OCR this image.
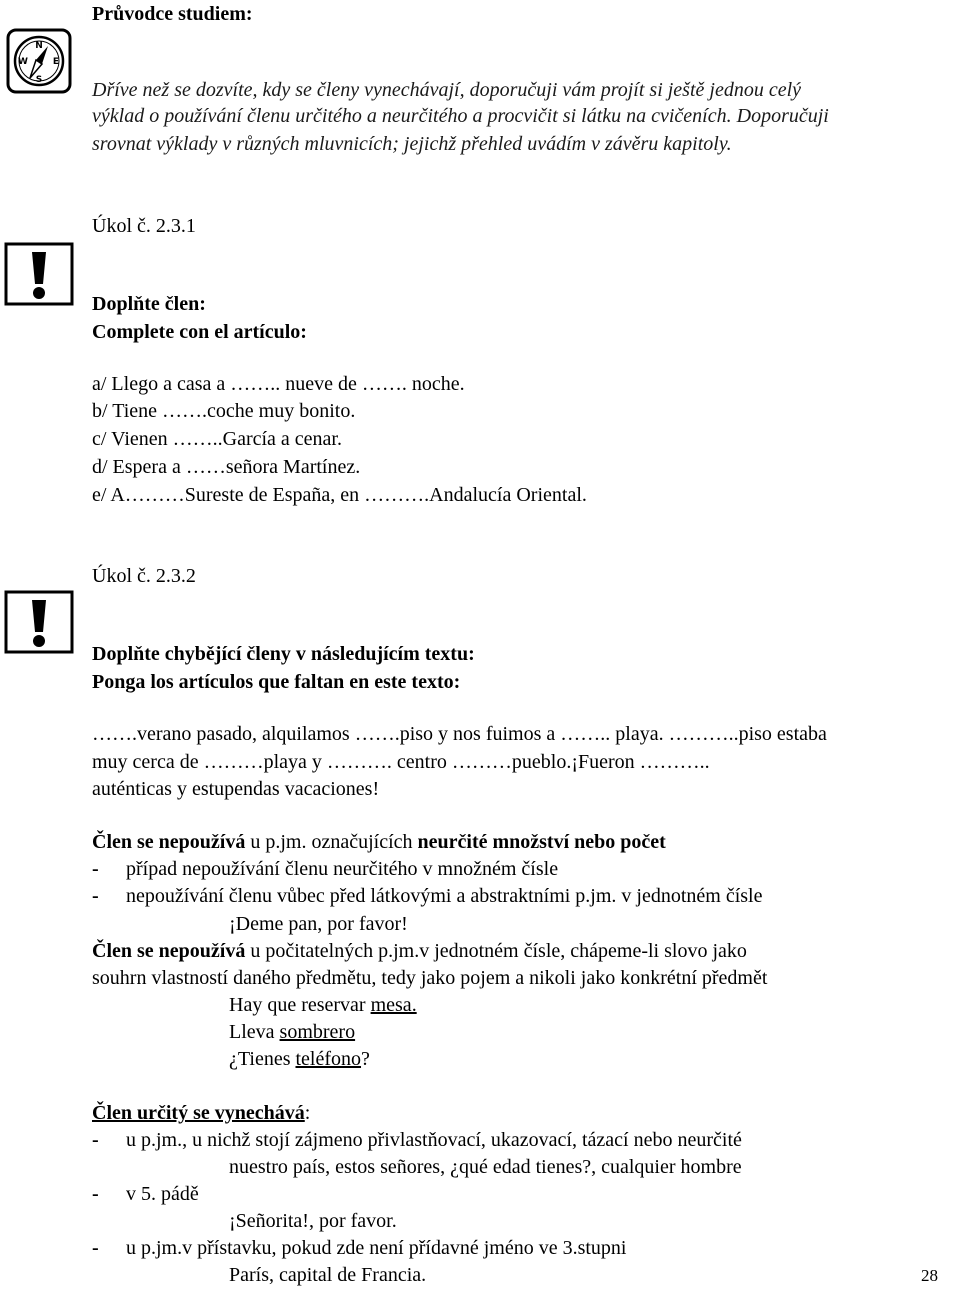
Průvodce studiem:
N
S
W	E
Dříve než se dozvíte, kdy se členy vynechávají, doporučuji vám projít si ještě jednou celý
výklad o používání členu určitého a neurčitého a procvičit si látku na cvičeních. Doporučuji
srovnat výklady v různých mluvnicích; jejichž přehled uvádím v závěru kapitoly.
Úkol č. 2.3.1
Doplňte člen:
Complete con el artículo:
a/ Llego a casa a …….. nueve de ……. noche.
b/ Tiene …….coche muy bonito.
c/ Vienen ……..García a cenar.
d/ Espera a ……señora Martínez.
e/ A………Sureste de España, en ……….Andalucía Oriental.
Úkol č. 2.3.2
Doplňte chybějící členy v následujícím textu:
Ponga los artículos que faltan en este texto:
…….verano pasado, alquilamos …….piso y nos fuimos a …….. playa. ………..piso estaba
muy cerca de ………playa y ………. centro ………pueblo.¡Fueron ………..
auténticas y estupendas vacaciones!
Člen se nepoužívá u p.jm. označujících neurčité množství nebo počet
- případ nepoužívání členu neurčitého v množném čísle
- nepoužívání členu vůbec před látkovými a abstraktními p.jm. v jednotném čísle
¡Deme pan, por favor!
Člen se nepoužívá u počitatelných p.jm.v jednotném čísle, chápeme-li slovo jako
souhrn vlastností daného předmětu, tedy jako pojem a nikoli jako konkrétní předmět
Hay que reservar mesa.
Lleva sombrero
¿Tienes teléfono?
Člen určitý se vynechává:
- u p.jm., u nichž stojí zájmeno přivlastňovací, ukazovací, tázací nebo neurčité
nuestro país, estos señores, ¿qué edad tienes?, cualquier hombre
- v 5. pádě
¡Señorita!, por favor.
- u p.jm.v přístavku, pokud zde není přídavné jméno ve 3.stupni
París, capital de Francia.	28
